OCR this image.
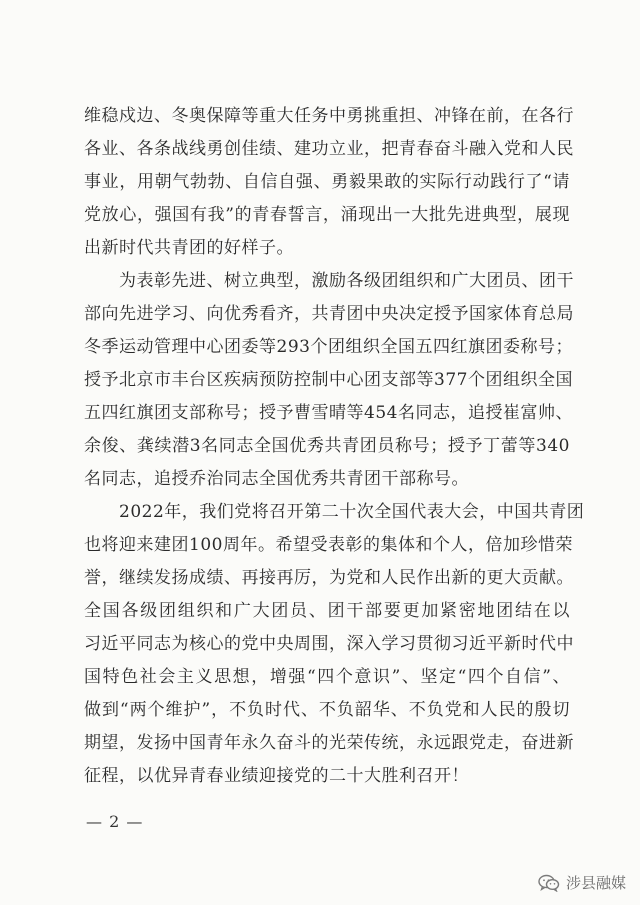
维稳戍边、冬奥保障等重大任务中勇挑重担、冲锋在前，在各行
各业、各条战线勇创佳绩、建功立业，把青春奋斗融入党和人民
事业，用朝气勃勃、自信自强、勇毅果敢的实际行动践行了“请
党放心，强国有我”的青春誓言，涌现出一大批先进典型，展现
出新时代共青团的好样子。
为表彰先进、树立典型，激励各级团组织和广大团员、团干
部向先进学习、向优秀看齐，共青团中央决定授予国家体育总局
冬季运动管理中心团委等293个团组织全国五四红旗团委称号；
授予北京市丰台区疾病预防控制中心团支部等377个团组织全国
五四红旗团支部称号；授予曹雪晴等454名同志，追授崔富帅、
余俊、龚续潜3名同志全国优秀共青团员称号；授予丁蕾等340
名同志，追授乔治同志全国优秀共青团干部称号。
2022年，我们党将召开第二十次全国代表大会，中国共青团
也将迎来建团100周年。希望受表彰的集体和个人，倍加珍惜荣
誉，继续发扬成绩、再接再厉，为党和人民作出新的更大贡献。
全国各级团组织和广大团员、团干部要更加紧密地团结在以
习近平同志为核心的党中央周围，深入学习贯彻习近平新时代中
国特色社会主义思想，增强“四个意识”、坚定“四个自信”、
做到“两个维护”，不负时代、不负韶华、不负党和人民的殷切
期望，发扬中国青年永久奋斗的光荣传统，永远跟党走，奋进新
征程，以优异青春业绩迎接党的二十大胜利召开！
— 2 —
涉县融媒
